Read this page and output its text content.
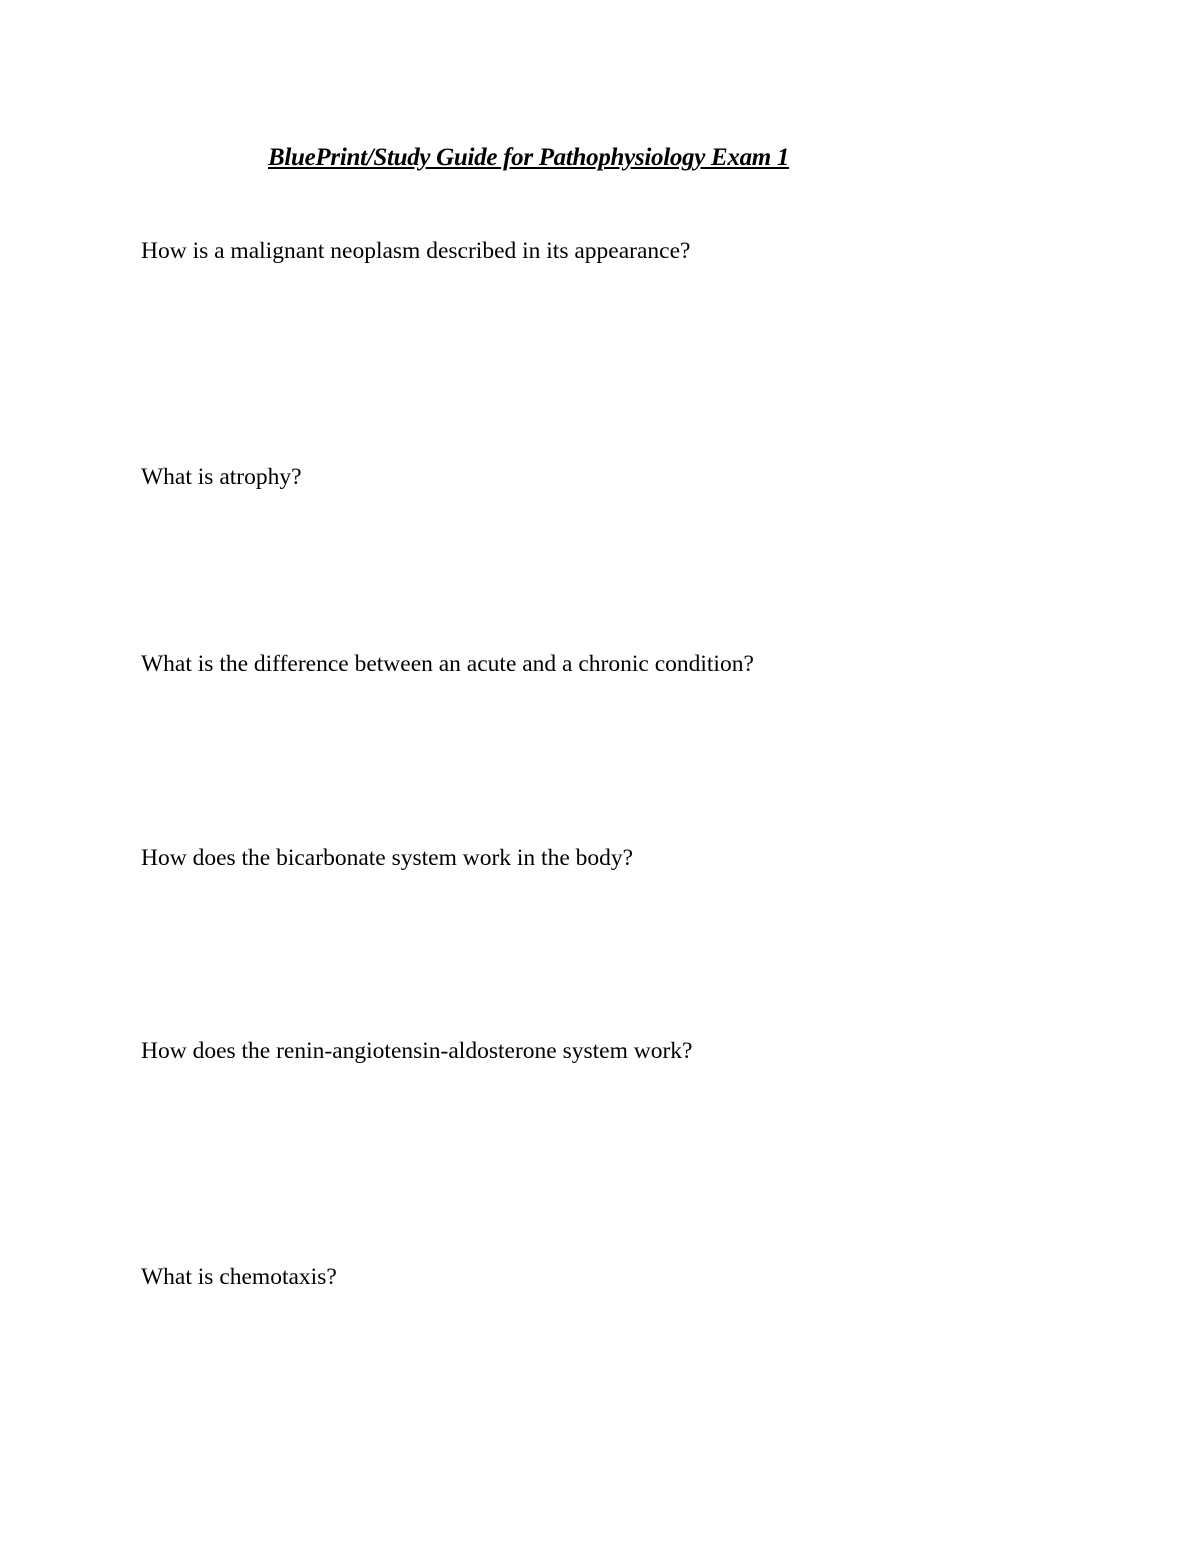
BluePrint/Study Guide for Pathophysiology Exam 1
How is a malignant neoplasm described in its appearance?
What is atrophy?
What is the difference between an acute and a chronic condition?
How does the bicarbonate system work in the body?
How does the renin-angiotensin-aldosterone system work?
What is chemotaxis?
